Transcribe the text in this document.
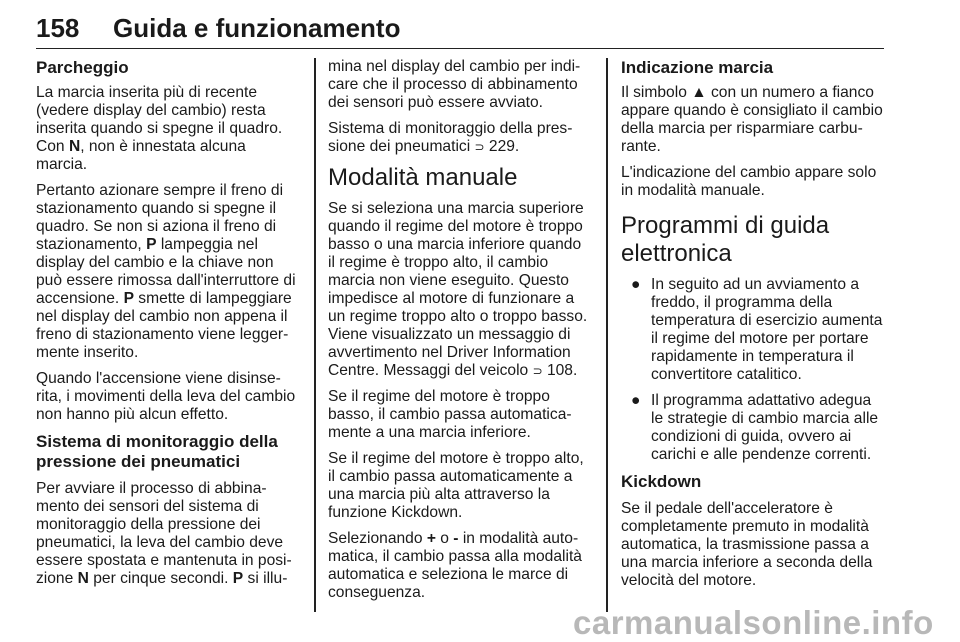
158 Guida e funzionamento
Parcheggio

La marcia inserita più di recente (vedere display del cambio) resta inserita quando si spegne il quadro. Con N, non è innestata alcuna marcia.

Pertanto azionare sempre il freno di stazionamento quando si spegne il quadro. Se non si aziona il freno di stazionamento, P lampeggia nel display del cambio e la chiave non può essere rimossa dall'interruttore di accensione. P smette di lampeggiare nel display del cambio non appena il freno di stazionamento viene leggermente inserito.

Quando l'accensione viene disinserita, i movimenti della leva del cambio non hanno più alcun effetto.

Sistema di monitoraggio della pressione dei pneumatici

Per avviare il processo di abbinamento dei sensori del sistema di monitoraggio della pressione dei pneumatici, la leva del cambio deve essere spostata e mantenuta in posizione N per cinque secondi. P si illu-

mina nel display del cambio per indicare che il processo di abbinamento dei sensori può essere avviato.

Sistema di monitoraggio della pressione dei pneumatici ⊃ 229.

Modalità manuale

Se si seleziona una marcia superiore quando il regime del motore è troppo basso o una marcia inferiore quando il regime è troppo alto, il cambio marcia non viene eseguito. Questo impedisce al motore di funzionare a un regime troppo alto o troppo basso. Viene visualizzato un messaggio di avvertimento nel Driver Information Centre. Messaggi del veicolo ⊃ 108.

Se il regime del motore è troppo basso, il cambio passa automaticamente a una marcia inferiore.

Se il regime del motore è troppo alto, il cambio passa automaticamente a una marcia più alta attraverso la funzione Kickdown.

Selezionando + o - in modalità automatica, il cambio passa alla modalità automatica e seleziona le marce di conseguenza.

Indicazione marcia

Il simbolo ▲ con un numero a fianco appare quando è consigliato il cambio della marcia per risparmiare carburante.

L'indicazione del cambio appare solo in modalità manuale.

Programmi di guida elettronica
● In seguito ad un avviamento a freddo, il programma della temperatura di esercizio aumenta il regime del motore per portare rapidamente in temperatura il convertitore catalitico.
● Il programma adattativo adegua le strategie di cambio marcia alle condizioni di guida, ovvero ai carichi e alle pendenze correnti.
Kickdown

Se il pedale dell'acceleratore è completamente premuto in modalità automatica, la trasmissione passa a una marcia inferiore a seconda della velocità del motore.

carmanualsonline.info
